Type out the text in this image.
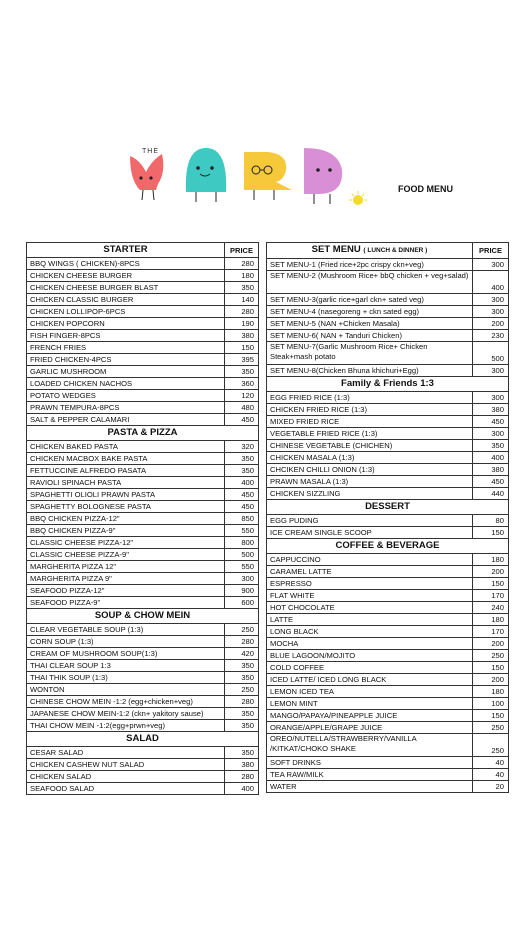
THE
FOOD MENU
STARTER	PRICE
BBQ WINGS ( CHICKEN)-8PCS	280
CHICKEN CHEESE BURGER	180
CHICKEN CHEESE BURGER BLAST	350
CHICKEN CLASSIC BURGER	140
CHICKEN LOLLIPOP-6PCS	280
CHICKEN POPCORN	190
FISH FINGER-8PCS	380
FRENCH FRIES	150
FRIED CHICKEN-4PCS	395
GARLIC MUSHROOM	350
LOADED CHICKEN NACHOS	360
POTATO WEDGES	120
PRAWN TEMPURA-8PCS	480
SALT & PEPPER CALAMARI	450
PASTA & PIZZA	
CHICKEN BAKED PASTA	320
CHICKEN MACBOX BAKE PASTA	350
FETTUCCINE ALFREDO PASATA	350
RAVIOLI SPINACH PASTA	400
SPAGHETTI OLIOLI PRAWN PASTA	450
SPAGHETTY BOLOGNESE PASTA	450
BBQ CHICKEN PIZZA-12"	850
BBQ CHICKEN PIZZA-9"	550
CLASSIC CHEESE PIZZA-12"	800
CLASSIC CHEESE PIZZA-9"	500
MARGHERITA PIZZA 12"	550
MARGHERITA PIZZA 9"	300
SEAFOOD PIZZA-12"	900
SEAFOOD PIZZA-9"	600
SOUP & CHOW MEIN	
CLEAR VEGETABLE SOUP (1:3)	250
CORN SOUP (1:3)	280
CREAM OF MUSHROOM SOUP(1:3)	420
THAI CLEAR SOUP 1:3	350
THAI THIK SOUP (1:3)	350
WONTON	250
CHINESE CHOW MEIN -1:2 (egg+chicken+veg)	280
JAPANESE CHOW MEIN-1:2 (ckn+ yakitory sause)	350
THAI CHOW MEIN -1:2(egg+prwn+veg)	350
SALAD	
CESAR SALAD	350
CHICKEN CASHEW NUT SALAD	380
CHICKEN SALAD	280
SEAFOOD SALAD	400
SET MENU ( LUNCH & DINNER )	PRICE
SET MENU-1 (Fried rice+2pc crispy ckn+veg)	300
SET MENU-2 (Mushroom Rice+ bbQ chicken + veg+salad)	400
SET MENU-3(garlic rice+garl ckn+ sated veg)	300
SET MENU-4 (nasegoreng + ckn sated egg)	300
SET MENU-5 (NAN +Chicken Masala)	200
SET MENU-6( NAN + Tanduri Chicken)	230
SET MENU-7(Garlic Mushroom Rice+ Chicken Steak+mash potato	500
SET MENU-8(Chicken Bhuna khichuri+Egg)	300
Family & Friends 1:3	
EGG FRIED RICE (1:3)	300
CHICKEN FRIED RICE (1:3)	380
MIXED FRIED RICE	450
VEGETABLE FRIED RICE (1:3)	300
CHINESE VEGETABLE (CHICHEN)	350
CHICKEN MASALA (1:3)	400
CHCIKEN CHILLI ONION (1:3)	380
PRAWN MASALA (1:3)	450
CHICKEN SIZZLING	440
DESSERT	
EGG PUDING	80
ICE CREAM SINGLE SCOOP	150
COFFEE & BEVERAGE	
CAPPUCCINO	180
CARAMEL LATTE	200
ESPRESSO	150
FLAT WHITE	170
HOT CHOCOLATE	240
LATTE	180
LONG BLACK	170
MOCHA	200
BLUE LAGOON/MOJITO	250
COLD COFFEE	150
ICED LATTE/ ICED LONG BLACK	200
LEMON ICED TEA	180
LEMON MINT	100
MANGO/PAPAYA/PINEAPPLE JUICE	150
ORANGE/APPLE/GRAPE JUICE	250
OREO/NUTELLA/STRAWBERRY/VANILLA /KITKAT/CHOKO SHAKE	250
SOFT DRINKS	40
TEA RAW/MILK	40
WATER	20
